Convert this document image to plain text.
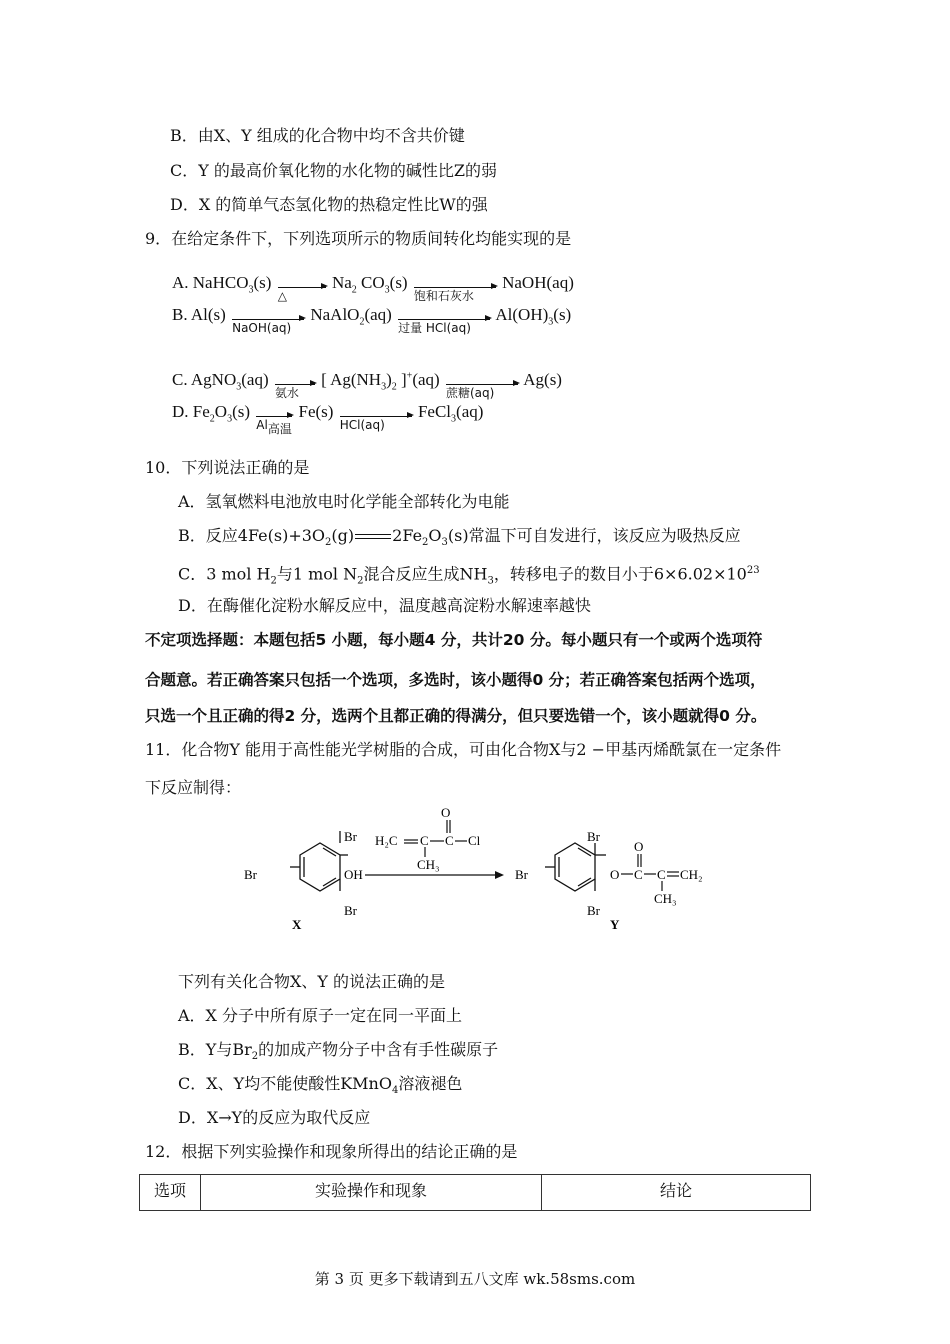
B．由X、Y 组成的化合物中均不含共价键
C．Y 的最高价氧化物的水化物的碱性比Z的弱
D．X 的简单气态氢化物的热稳定性比W的强
9．在给定条件下，下列选项所示的物质间转化均能实现的是
A. NaHCO$_3$(s) △ $Na_2$ $CO_3(s)$ 饱和石灰水 NaOH(aq)
B. Al(s) NaOH(aq) NaAlO$_2$(aq) 过量 HCl(aq) $Al(OH)_3(s)$
C. AgNO$_3$(aq) 氨水 [ $Ag(NH_3)_2$ ]+(aq) 蔗糖(aq) Ag(s)
D. $Fe_2O_3(s)$ Al高温 Fe(s) HCl(aq) FeCl$_3$(aq)
10．下列说法正确的是
A．氢氧燃料电池放电时化学能全部转化为电能
B．反应$4Fe(s)+3O_2(g)$ $2Fe_2O_3(s)$常温下可自发进行，该反应为吸热反应
C．3 mol $H_2$与1 mol $N_2$混合反应生成$NH_3$，转移电子的数目小于$6\times 6.02\times 10^{23}$
D．在酶催化淀粉水解反应中，温度越高淀粉水解速率越快
不定项选择题：本题包括5 小题，每小题4 分，共计20 分。每小题只有一个或两个选项符
合题意。若正确答案只包括一个选项，多选时，该小题得0 分；若正确答案包括两个选项，
只选一个且正确的得2 分，选两个且都正确的得满分，但只要选错一个，该小题就得0 分。
11．化合物Y 能用于高性能光学树脂的合成，可由化合物X与2 −甲基丙烯酰氯在一定条件
下反应制得：
Br
Br
Br	OH
X
H₂C C C Cl
O
CH₃
Br
Br
Br	O C
O
C CH₂
CH₃
Y
下列有关化合物X、Y 的说法正确的是
A．X 分子中所有原子一定在同一平面上
B．Y与$Br_2$的加成产物分子中含有手性碳原子
C．X、Y均不能使酸性KMnO$_4$溶液褪色
D．X→Y的反应为取代反应
12．根据下列实验操作和现象所得出的结论正确的是
选项	实验操作和现象	结论
第 3 页 更多下载请到五八文库 wk.58sms.com
